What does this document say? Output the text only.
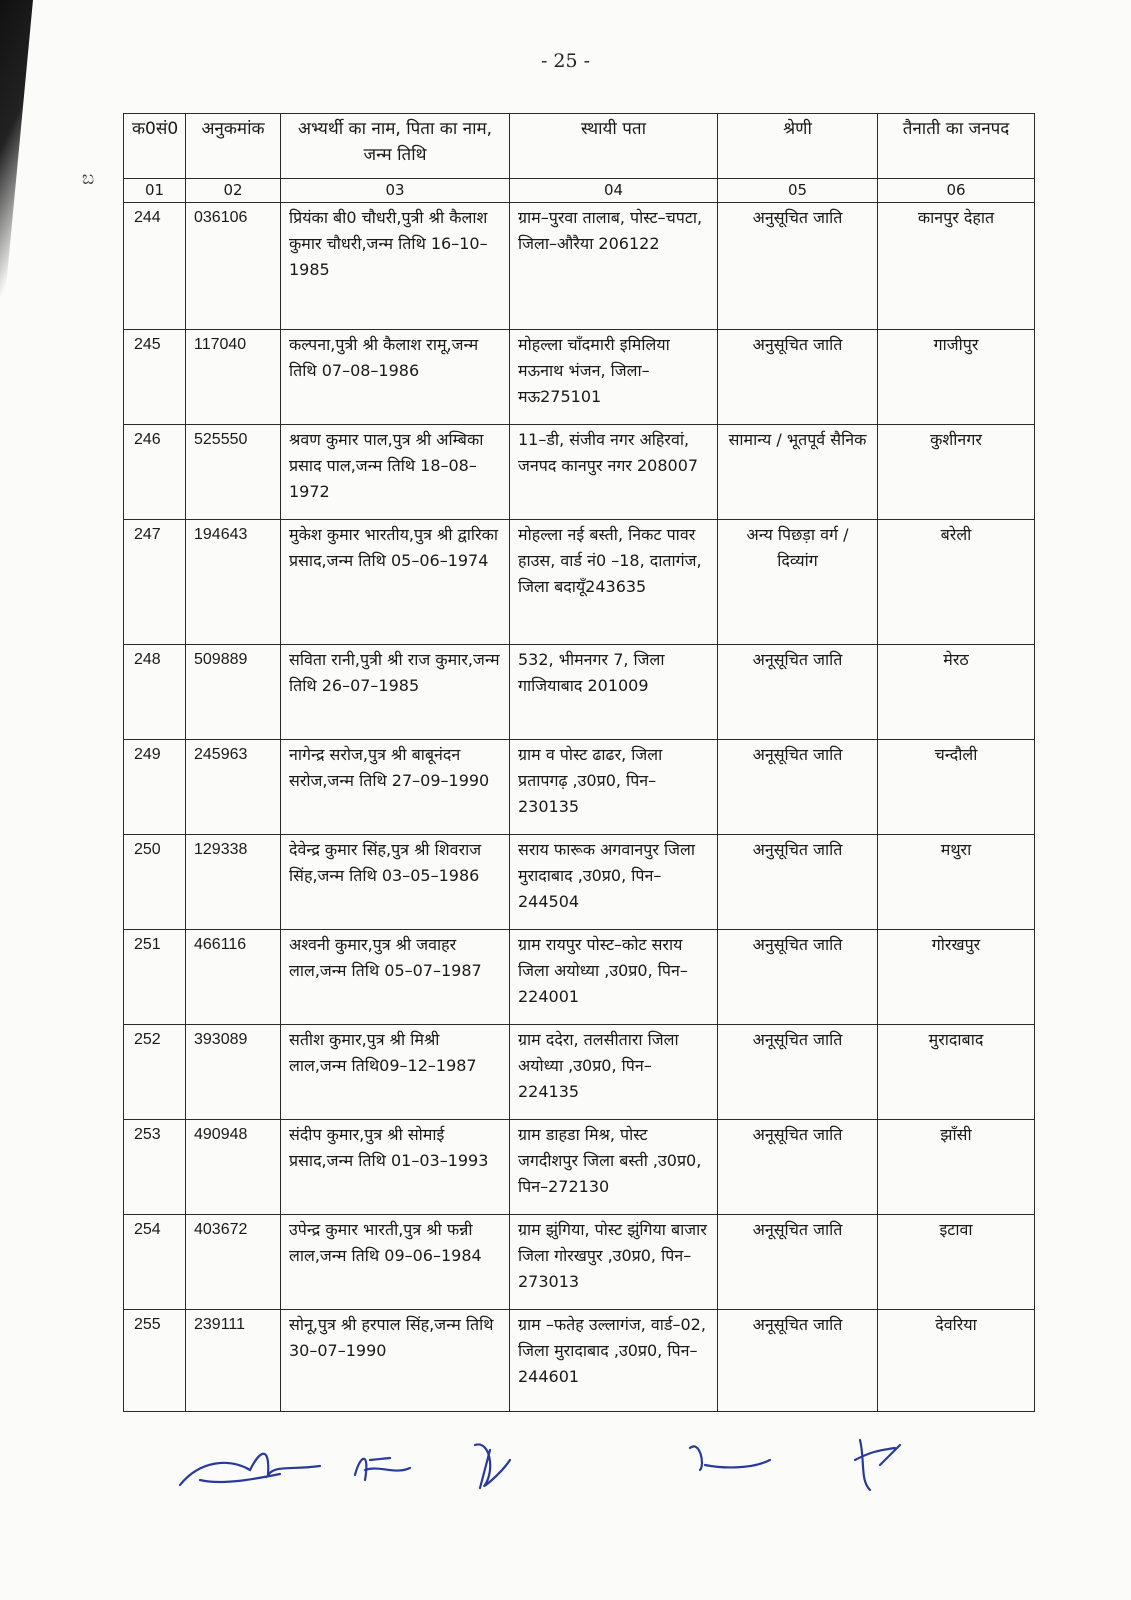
- 25 -
ಬ
क0सं0	अनुकमांक	अभ्यर्थी का नाम, पिता का नाम, जन्म तिथि	स्थायी पता	श्रेणी	तैनाती का जनपद
01	02	03	04	05	06
244	036106	प्रियंका बी0 चौधरी,पुत्री श्री कैलाश कुमार चौधरी,जन्म तिथि 16–10–1985	ग्राम–पुरवा तालाब, पोस्ट–चपटा, जिला–औरैया 206122	अनुसूचित जाति	कानपुर देहात
245	117040	कल्पना,पुत्री श्री कैलाश रामू,जन्म तिथि 07–08–1986	मोहल्ला चाँदमारी इमिलिया मऊनाथ भंजन, जिला–मऊ275101	अनुसूचित जाति	गाजीपुर
246	525550	श्रवण कुमार पाल,पुत्र श्री अम्बिका प्रसाद पाल,जन्म तिथि 18–08–1972	11–डी, संजीव नगर अहिरवां, जनपद कानपुर नगर 208007	सामान्य / भूतपूर्व सैनिक	कुशीनगर
247	194643	मुकेश कुमार भारतीय,पुत्र श्री द्वारिका प्रसाद,जन्म तिथि 05–06–1974	मोहल्ला नई बस्ती, निकट पावर हाउस, वार्ड नं0 –18, दातागंज, जिला बदायूँ243635	अन्य पिछड़ा वर्ग / दिव्यांग	बरेली
248	509889	सविता रानी,पुत्री श्री राज कुमार,जन्म तिथि 26–07–1985	532, भीमनगर 7, जिला गाजियाबाद 201009	अनूसूचित जाति	मेरठ
249	245963	नागेन्द्र सरोज,पुत्र श्री बाबूनंदन सरोज,जन्म तिथि 27–09–1990	ग्राम व पोस्ट ढाढर, जिला प्रतापगढ़ ,उ0प्र0, पिन–230135	अनूसूचित जाति	चन्दौली
250	129338	देवेन्द्र कुमार सिंह,पुत्र श्री शिवराज सिंह,जन्म तिथि 03–05–1986	सराय फारूक अगवानपुर जिला मुरादाबाद ,उ0प्र0, पिन–244504	अनुसूचित जाति	मथुरा
251	466116	अश्वनी कुमार,पुत्र श्री जवाहर लाल,जन्म तिथि 05–07–1987	ग्राम रायपुर पोस्ट–कोट सराय जिला अयोध्या ,उ0प्र0, पिन–224001	अनुसूचित जाति	गोरखपुर
252	393089	सतीश कुमार,पुत्र श्री मिश्री लाल,जन्म तिथि09–12–1987	ग्राम ददेरा, तलसीतारा जिला अयोध्या ,उ0प्र0, पिन–224135	अनूसूचित जाति	मुरादाबाद
253	490948	संदीप कुमार,पुत्र श्री सोमाई प्रसाद,जन्म तिथि 01–03–1993	ग्राम डाहडा मिश्र, पोस्ट जगदीशपुर जिला बस्ती ,उ0प्र0, पिन–272130	अनूसूचित जाति	झाँसी
254	403672	उपेन्द्र कुमार भारती,पुत्र श्री फन्नी लाल,जन्म तिथि 09–06–1984	ग्राम झुंगिया, पोस्ट झुंगिया बाजार जिला गोरखपुर ,उ0प्र0, पिन–273013	अनूसूचित जाति	इटावा
255	239111	सोनू,पुत्र श्री हरपाल सिंह,जन्म तिथि 30–07–1990	ग्राम –फतेह उल्लागंज, वार्ड–02, जिला मुरादाबाद ,उ0प्र0, पिन–244601	अनूसूचित जाति	देवरिया
